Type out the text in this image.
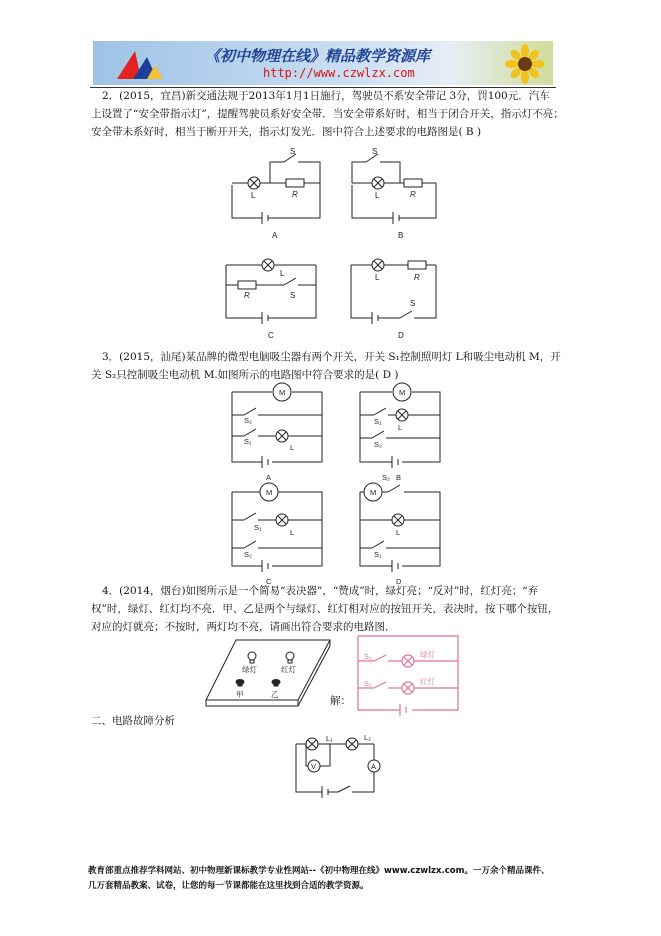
《初中物理在线》精品教学资源库
http://www.czwlzx.com
2．(2015，宜昌)新交通法规于2013年1月1日施行，驾驶员不系安全带记 3分，罚100元．汽车
上设置了“安全带指示灯”，提醒驾驶员系好安全带．当安全带系好时，相当于闭合开关，指示灯不亮；
安全带未系好时，相当于断开开关，指示灯发光．图中符合上述要求的电路图是( B )
S
L	R
A
S
L	R
B
L
R	S
C
L	R
S
D
3．(2015，汕尾)某品牌的微型电脑吸尘器有两个开关，开关 S₁控制照明灯 L和吸尘电动机 M，开
关 S₂只控制吸尘电动机 M.如图所示的电路图中符合要求的是( D )
M
S₂
S₁
L
A
M
S₁
L
S₂
B
M
S₁
L
S₂
C
M
S₂
L
S₁
D
4．(2014，烟台)如图所示是一个简易“表决器”，“赞成”时，绿灯亮；“反对”时，红灯亮；“弃
权”时，绿灯、红灯均不亮．甲、乙是两个与绿灯、红灯相对应的按钮开关，表决时，按下哪个按钮，
对应的灯就亮；不按时，两灯均不亮，请画出符合要求的电路图．
绿灯	红灯
甲	乙
S₁	绿灯
S₂	红灯
解：
二、电路故障分析
L₁	L₂
V	A
教育部重点推荐学科网站、初中物理新课标教学专业性网站--《初中物理在线》www.czwlzx.com。一万余个精品课件、
几万套精品教案、试卷，让您的每一节课都能在这里找到合适的教学资源。
